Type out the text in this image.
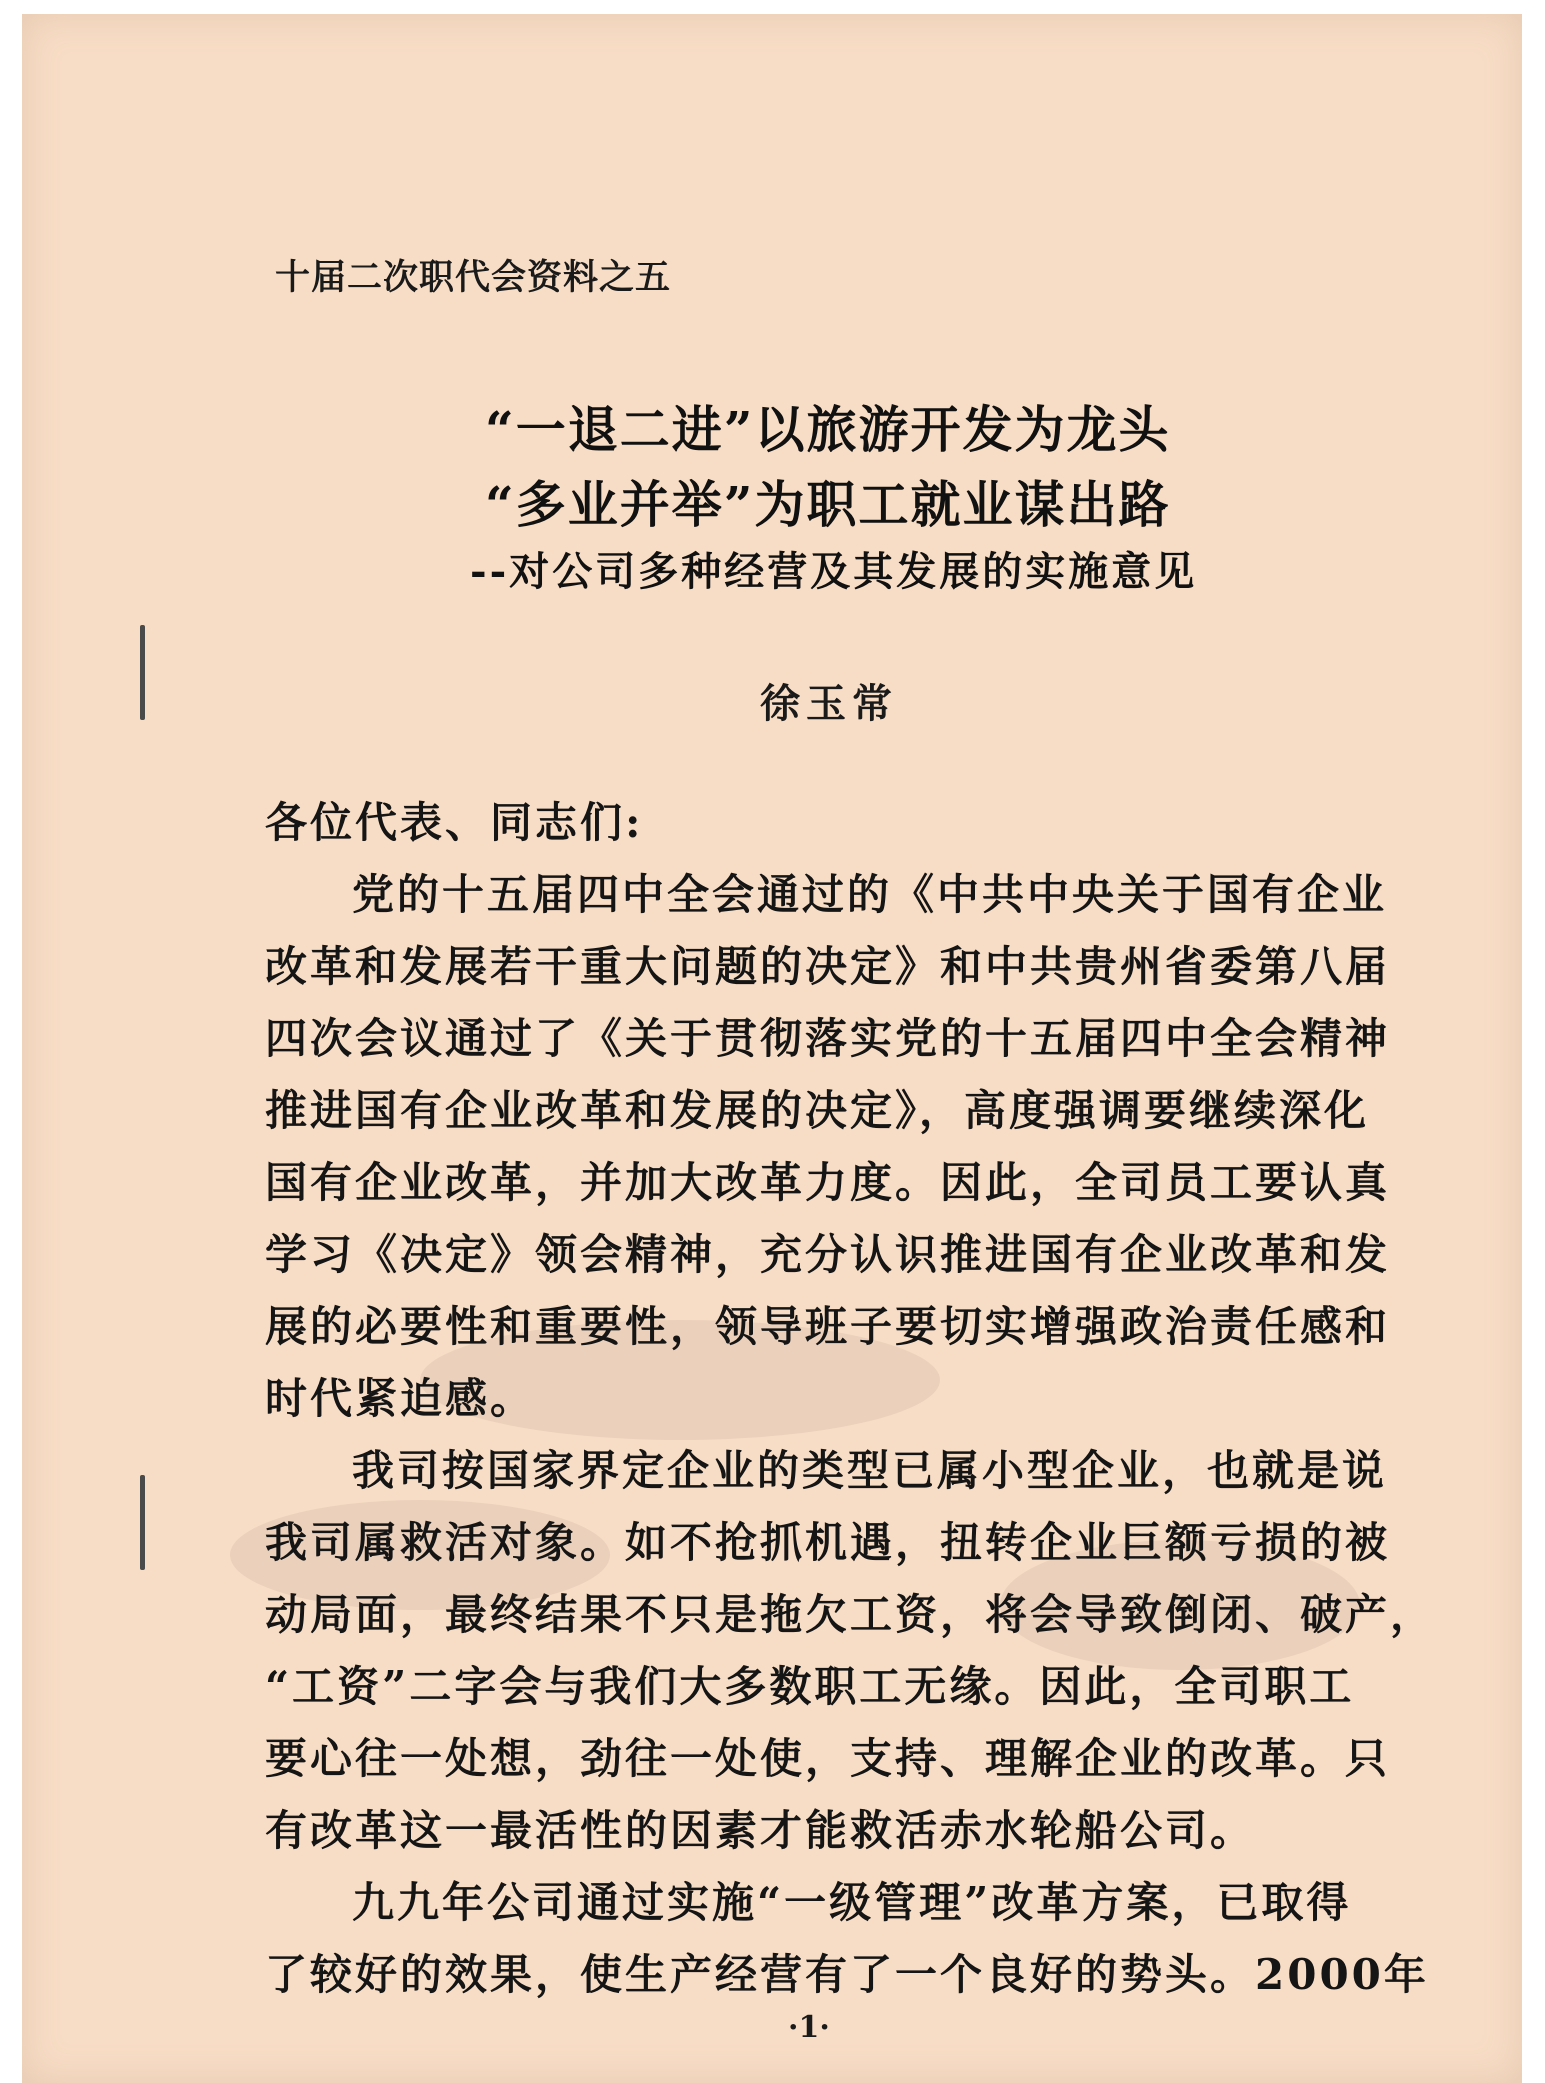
十届二次职代会资料之五
“一退二进”以旅游开发为龙头
“多业并举”为职工就业谋出路
--对公司多种经营及其发展的实施意见
徐玉常
各位代表、同志们:
党的十五届四中全会通过的《中共中央关于国有企业
改革和发展若干重大问题的决定》和中共贵州省委第八届
四次会议通过了《关于贯彻落实党的十五届四中全会精神
推进国有企业改革和发展的决定》，高度强调要继续深化
国有企业改革，并加大改革力度。因此，全司员工要认真
学习《决定》领会精神，充分认识推进国有企业改革和发
展的必要性和重要性，领导班子要切实增强政治责任感和
时代紧迫感。
我司按国家界定企业的类型已属小型企业，也就是说
我司属救活对象。如不抢抓机遇，扭转企业巨额亏损的被
动局面，最终结果不只是拖欠工资，将会导致倒闭、破产，
“工资”二字会与我们大多数职工无缘。因此，全司职工
要心往一处想，劲往一处使，支持、理解企业的改革。只
有改革这一最活性的因素才能救活赤水轮船公司。
九九年公司通过实施“一级管理”改革方案，已取得
了较好的效果，使生产经营有了一个良好的势头。2000年
·1·
